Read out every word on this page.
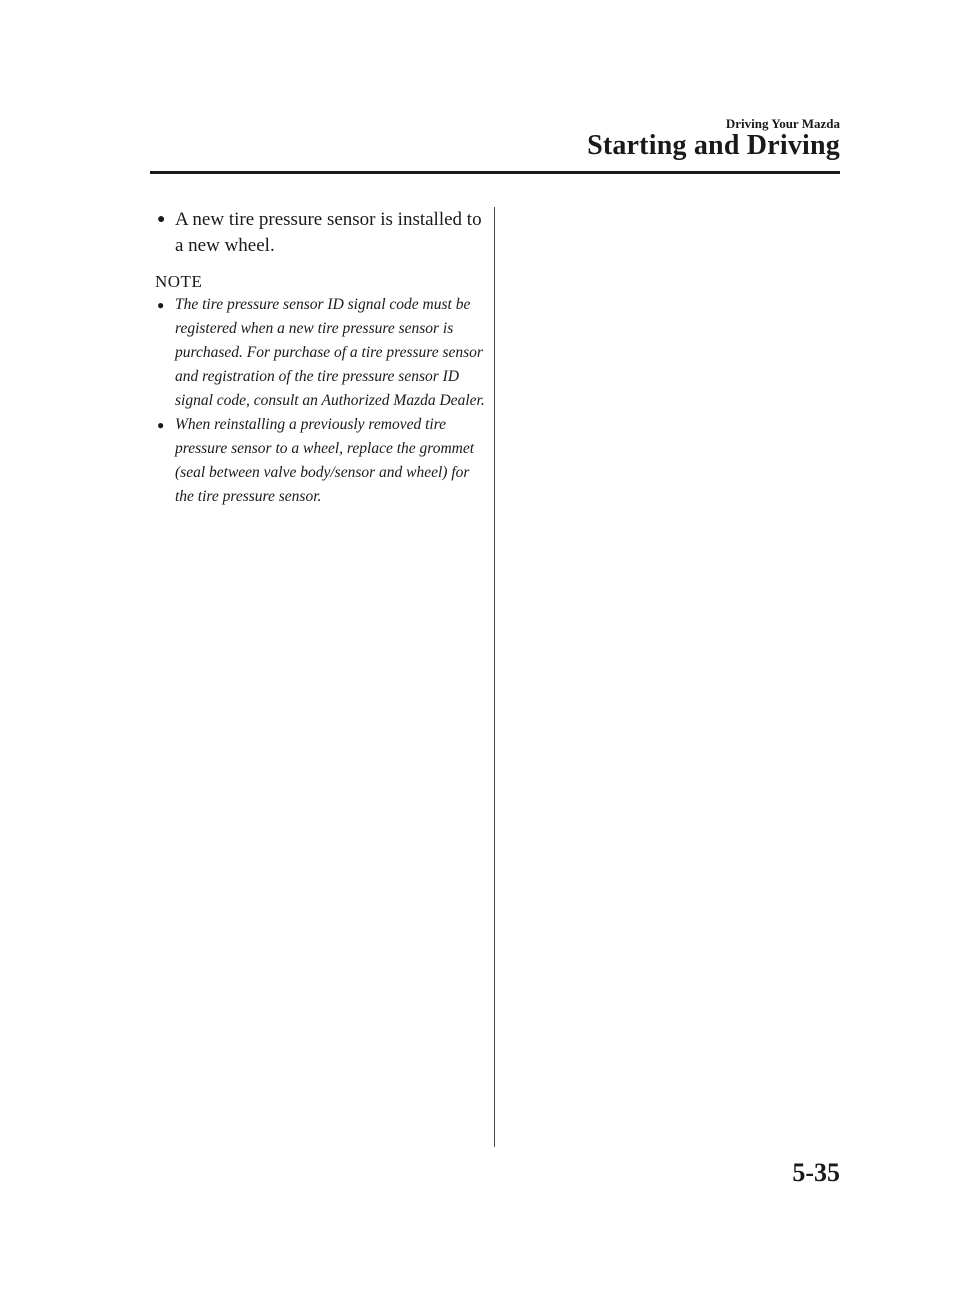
Driving Your Mazda
Starting and Driving
● A new tire pressure sensor is installed to a new wheel.
NOTE
● The tire pressure sensor ID signal code must be registered when a new tire pressure sensor is purchased. For purchase of a tire pressure sensor and registration of the tire pressure sensor ID signal code, consult an Authorized Mazda Dealer.
● When reinstalling a previously removed tire pressure sensor to a wheel, replace the grommet (seal between valve body/sensor and wheel) for the tire pressure sensor.
5-35
